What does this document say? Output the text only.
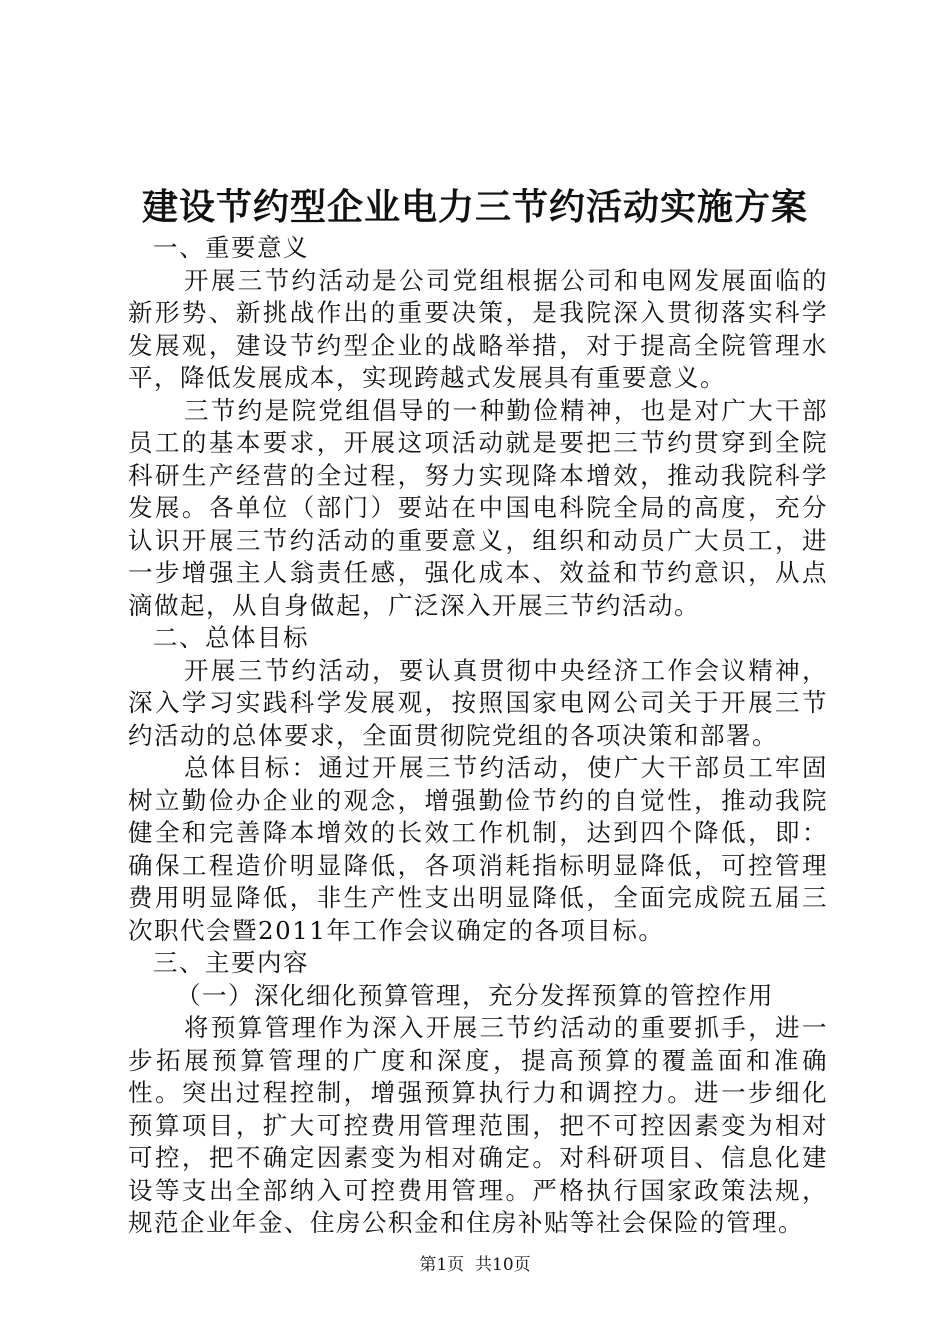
建设节约型企业电力三节约活动实施方案

一、重要意义

开展三节约活动是公司党组根据公司和电网发展面临的新形势、新挑战作出的重要决策，是我院深入贯彻落实科学发展观，建设节约型企业的战略举措，对于提高全院管理水平，降低发展成本，实现跨越式发展具有重要意义。

三节约是院党组倡导的一种勤俭精神，也是对广大干部员工的基本要求，开展这项活动就是要把三节约贯穿到全院科研生产经营的全过程，努力实现降本增效，推动我院科学发展。各单位（部门）要站在中国电科院全局的高度，充分认识开展三节约活动的重要意义，组织和动员广大员工，进一步增强主人翁责任感，强化成本、效益和节约意识，从点滴做起，从自身做起，广泛深入开展三节约活动。

二、总体目标

开展三节约活动，要认真贯彻中央经济工作会议精神，深入学习实践科学发展观，按照国家电网公司关于开展三节约活动的总体要求，全面贯彻院党组的各项决策和部署。

总体目标：通过开展三节约活动，使广大干部员工牢固树立勤俭办企业的观念，增强勤俭节约的自觉性，推动我院健全和完善降本增效的长效工作机制，达到四个降低，即：确保工程造价明显降低，各项消耗指标明显降低，可控管理费用明显降低，非生产性支出明显降低，全面完成院五届三次职代会暨2011年工作会议确定的各项目标。

三、主要内容

（一）深化细化预算管理，充分发挥预算的管控作用

将预算管理作为深入开展三节约活动的重要抓手，进一步拓展预算管理的广度和深度，提高预算的覆盖面和准确性。突出过程控制，增强预算执行力和调控力。进一步细化预算项目，扩大可控费用管理范围，把不可控因素变为相对可控，把不确定因素变为相对确定。对科研项目、信息化建设等支出全部纳入可控费用管理。严格执行国家政策法规，规范企业年金、住房公积金和住房补贴等社会保险的管理。

第1页 共10页
